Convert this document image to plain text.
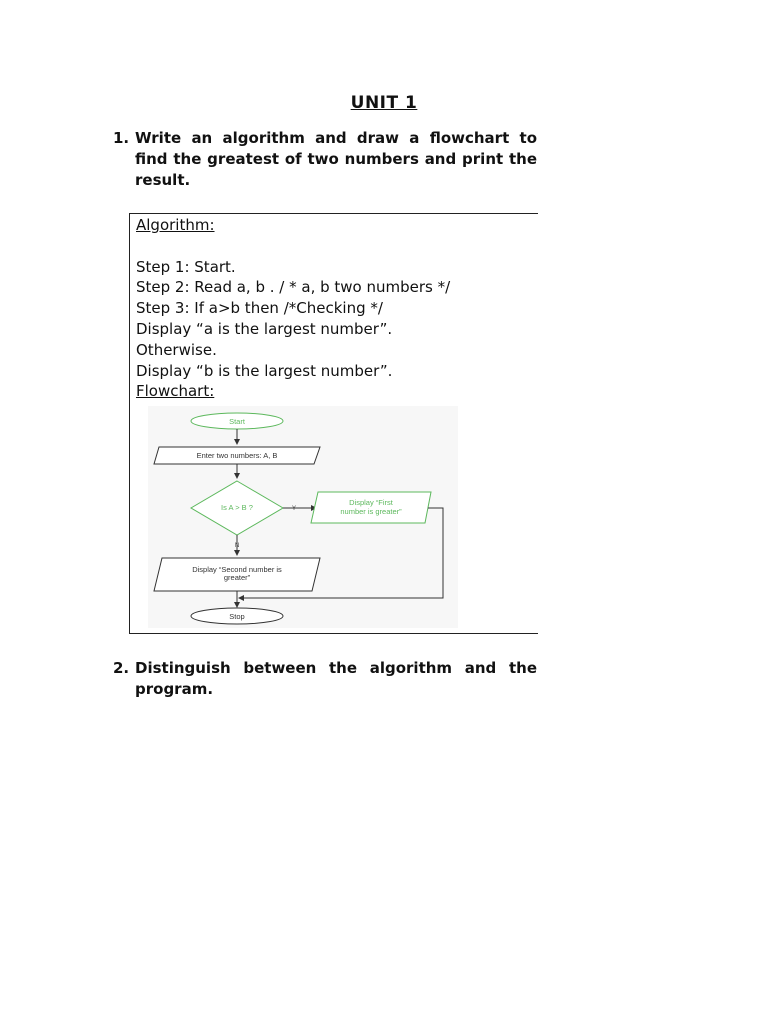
UNIT 1
1. Write an algorithm and draw a flowchart to find the greatest of two numbers and print the result.
Algorithm:
Step 1: Start.
Step 2: Read a, b . / * a, b two numbers */
Step 3: If a>b then /*Checking */
Display “a is the largest number”.
Otherwise.
Display “b is the largest number”.
Flowchart:
Start
Enter two numbers: A, B
Is A > B ?	Y
Display “First
number is greater”
N
Display “Second number is
greater”
Stop
2. Distinguish between the algorithm and the program.
